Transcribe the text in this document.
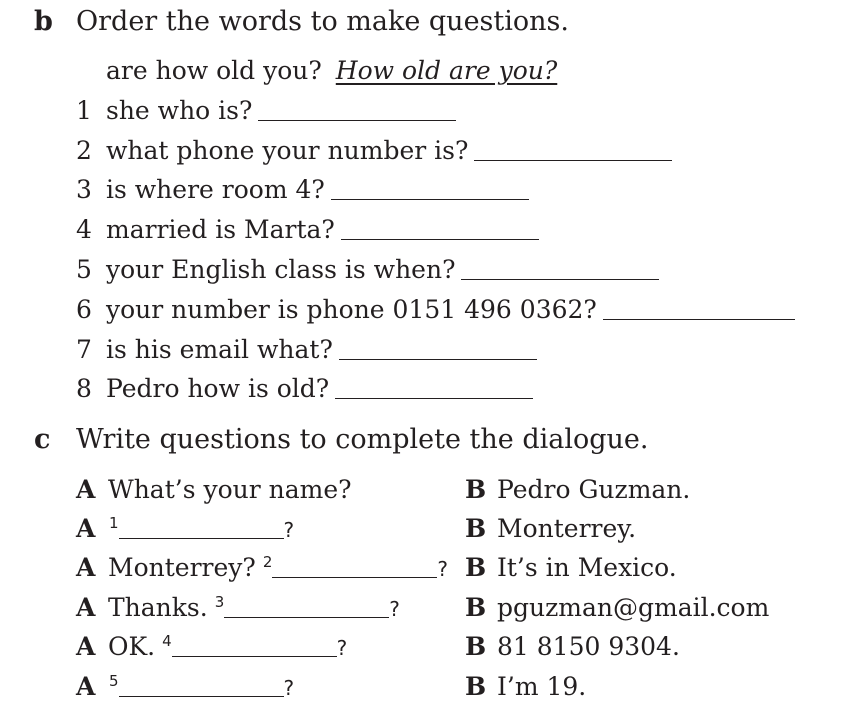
b Order the words to make questions.
are how old you? How old are you?
1 she who is?
2 what phone your number is?
3 is where room 4?
4 married is Marta?
5 your English class is when?
6 your number is phone 0151 496 0362?
7 is his email what?
8 Pedro how is old?
c Write questions to complete the dialogue.
A What’s your name?	B Pedro Guzman.
A 1	?	B Monterrey.
A Monterrey? 2	? B It’s in Mexico.
A Thanks. 3	?	B pguzman@gmail.com
A OK. 4	?	B 81 8150 9304.
A 5	?	B I’m 19.
